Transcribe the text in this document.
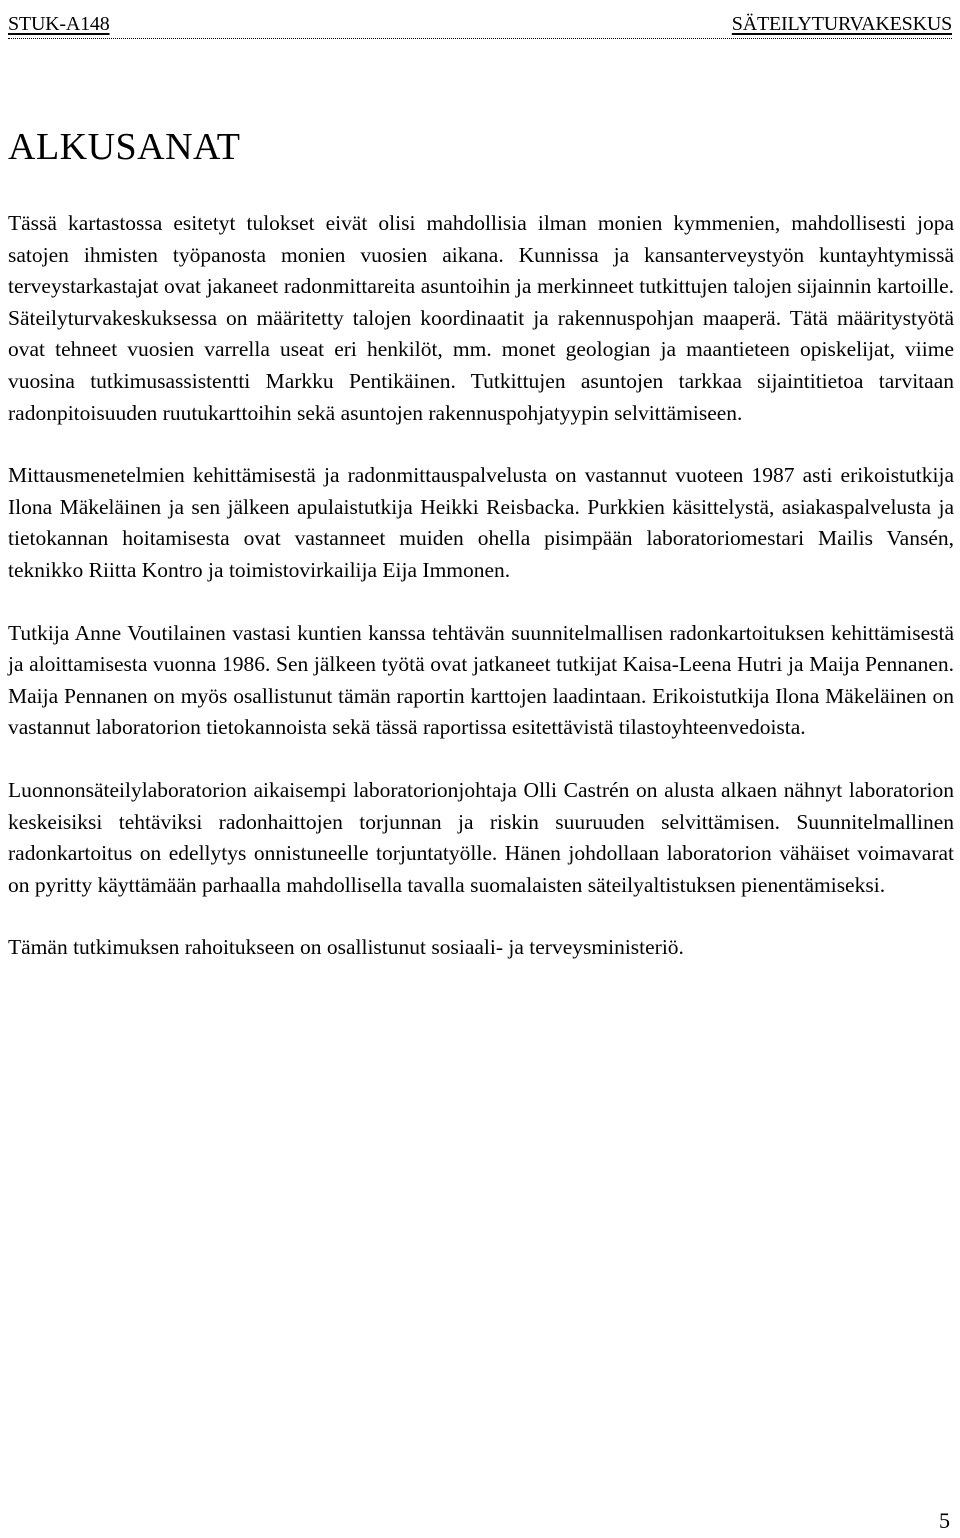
STUK-A148	SÄTEILYTURVAKESKUS
ALKUSANAT

Tässä kartastossa esitetyt tulokset eivät olisi mahdollisia ilman monien kymmenien, mahdollisesti jopa satojen ihmisten työpanosta monien vuosien aikana. Kunnissa ja kansanterveystyön kuntayhtymissä terveystarkastajat ovat jakaneet radonmittareita asuntoihin ja merkinneet tutkittujen talojen sijainnin kartoille. Säteilyturvakeskuksessa on määritetty talojen koordinaatit ja rakennuspohjan maaperä. Tätä määritystyötä ovat tehneet vuosien varrella useat eri henkilöt, mm. monet geologian ja maantieteen opiskelijat, viime vuosina tutkimusassistentti Markku Pentikäinen. Tutkittujen asuntojen tarkkaa sijaintitietoa tarvitaan radonpitoisuuden ruutukarttoihin sekä asuntojen rakennuspohjatyypin selvittämiseen.

Mittausmenetelmien kehittämisestä ja radonmittauspalvelusta on vastannut vuoteen 1987 asti erikoistutkija Ilona Mäkeläinen ja sen jälkeen apulaistutkija Heikki Reisbacka. Purkkien käsittelystä, asiakaspalvelusta ja tietokannan hoitamisesta ovat vastanneet muiden ohella pisimpään laboratoriomestari Mailis Vansén, teknikko Riitta Kontro ja toimistovirkailija Eija Immonen.

Tutkija Anne Voutilainen vastasi kuntien kanssa tehtävän suunnitelmallisen radonkartoituksen kehittämisestä ja aloittamisesta vuonna 1986. Sen jälkeen työtä ovat jatkaneet tutkijat Kaisa-Leena Hutri ja Maija Pennanen. Maija Pennanen on myös osallistunut tämän raportin karttojen laadintaan. Erikoistutkija Ilona Mäkeläinen on vastannut laboratorion tietokannoista sekä tässä raportissa esitettävistä tilastoyhteenvedoista.

Luonnonsäteilylaboratorion aikaisempi laboratorionjohtaja Olli Castrén on alusta alkaen nähnyt laboratorion keskeisiksi tehtäviksi radonhaittojen torjunnan ja riskin suuruuden selvittämisen. Suunnitelmallinen radonkartoitus on edellytys onnistuneelle torjuntatyölle. Hänen johdollaan laboratorion vähäiset voimavarat on pyritty käyttämään parhaalla mahdollisella tavalla suomalaisten säteilyaltistuksen pienentämiseksi.

Tämän tutkimuksen rahoitukseen on osallistunut sosiaali- ja terveysministeriö.

5
